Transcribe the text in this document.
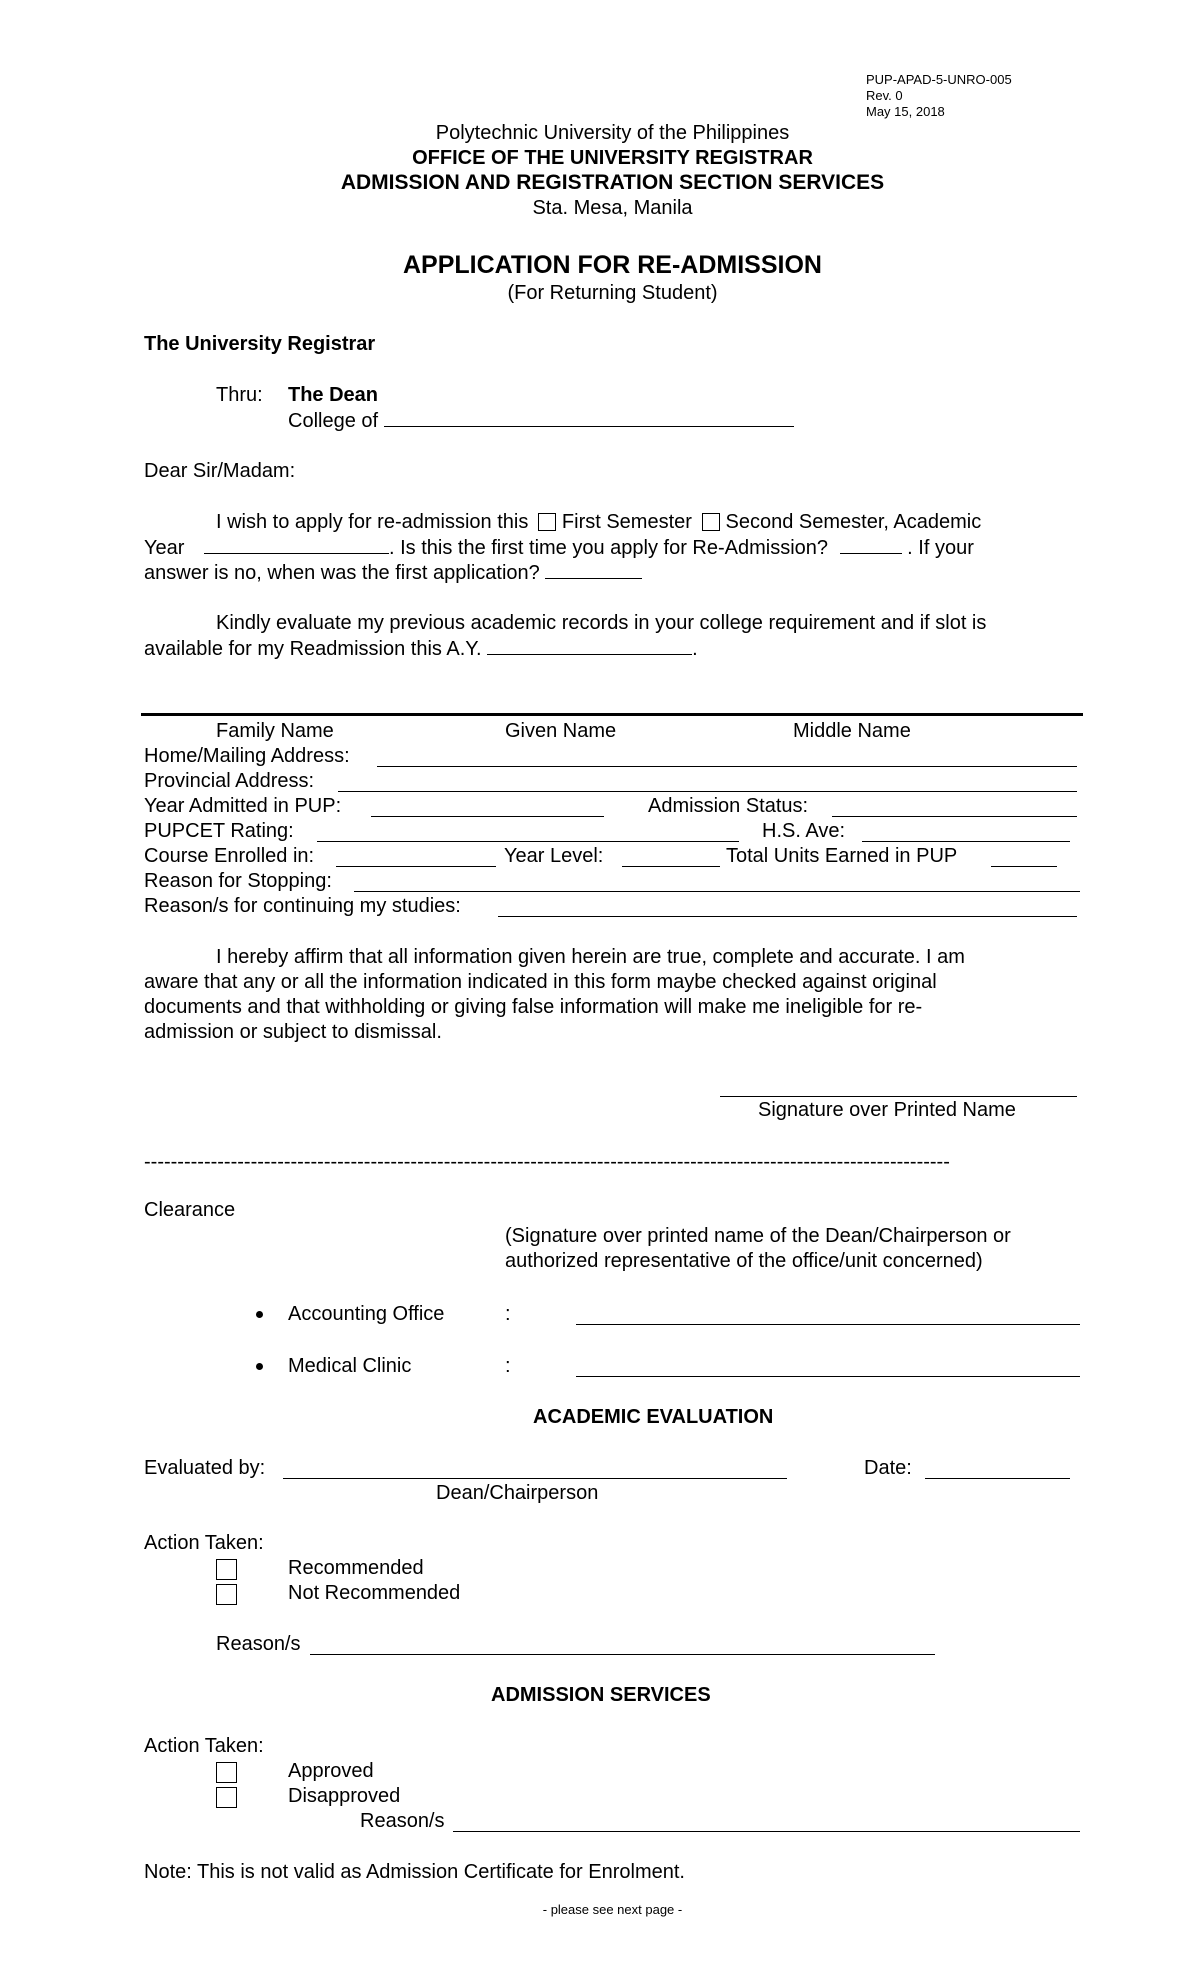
PUP-APAD-5-UNRO-005
Rev. 0
May 15, 2018
Polytechnic University of the Philippines
OFFICE OF THE UNIVERSITY REGISTRAR
ADMISSION AND REGISTRATION SECTION SERVICES
Sta. Mesa, Manila
APPLICATION FOR RE-ADMISSION
(For Returning Student)
The University Registrar
Thru: The Dean
College of
Dear Sir/Madam:
I wish to apply for re-admission this First Semester Second Semester, Academic
Year	. Is this the first time you apply for Re-Admission?	. If your
answer is no, when was the first application?
Kindly evaluate my previous academic records in your college requirement and if slot is
available for my Readmission this A.Y.	.
Family Name	Given Name	Middle Name
Home/Mailing Address:
Provincial Address:
Year Admitted in PUP:	Admission Status:
PUPCET Rating:	H.S. Ave:
Course Enrolled in:	Year Level:	Total Units Earned in PUP
Reason for Stopping:
Reason/s for continuing my studies:
I hereby affirm that all information given herein are true, complete and accurate. I am
aware that any or all the information indicated in this form maybe checked against original
documents and that withholding or giving false information will make me ineligible for re-
admission or subject to dismissal.
Signature over Printed Name
-------------------------------------------------------------------------------------------------------------------------
Clearance
(Signature over printed name of the Dean/Chairperson or
authorized representative of the office/unit concerned)
Accounting Office	:
Medical Clinic	:
ACADEMIC EVALUATION
Evaluated by:	Date:
Dean/Chairperson
Action Taken:
Recommended
Not Recommended
Reason/s
ADMISSION SERVICES
Action Taken:
Approved
Disapproved
Reason/s
Note: This is not valid as Admission Certificate for Enrolment.
- please see next page -
